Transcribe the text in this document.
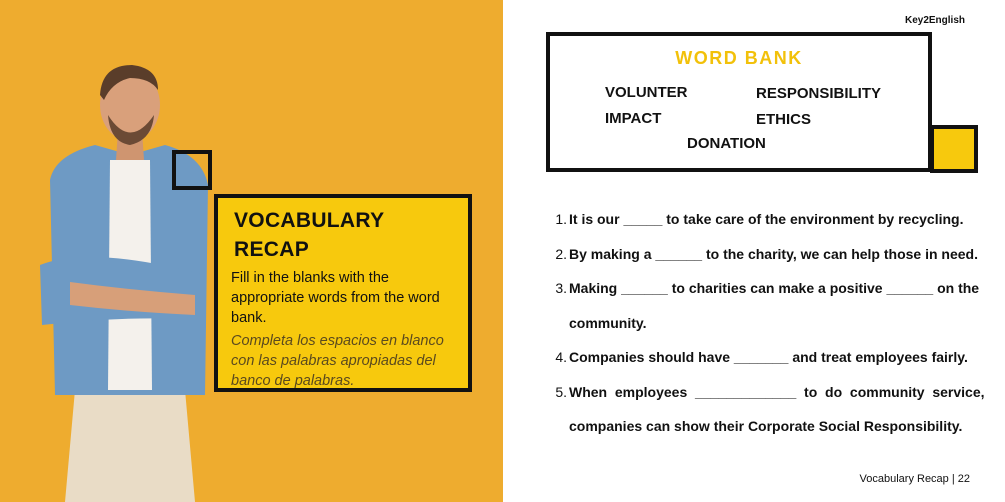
VOCABULARY
RECAP
Fill in the blanks with the appropriate words from the word bank.
Completa los espacios en blanco con las palabras apropiadas del banco de palabras.
Key2English
WORD BANK
VOLUNTER	RESPONSIBILITY
IMPACT	ETHICS
DONATION
1. It is our _____ to take care of the environment by recycling.
2. By making a ______ to the charity, we can help those in need.
3. Making ______ to charities can make a positive ______ on the
community.
4. Companies should have _______ and treat employees fairly.
5. When  employees  _____________  to  do  community  service,
companies can show their Corporate Social Responsibility.
Vocabulary Recap | 22
